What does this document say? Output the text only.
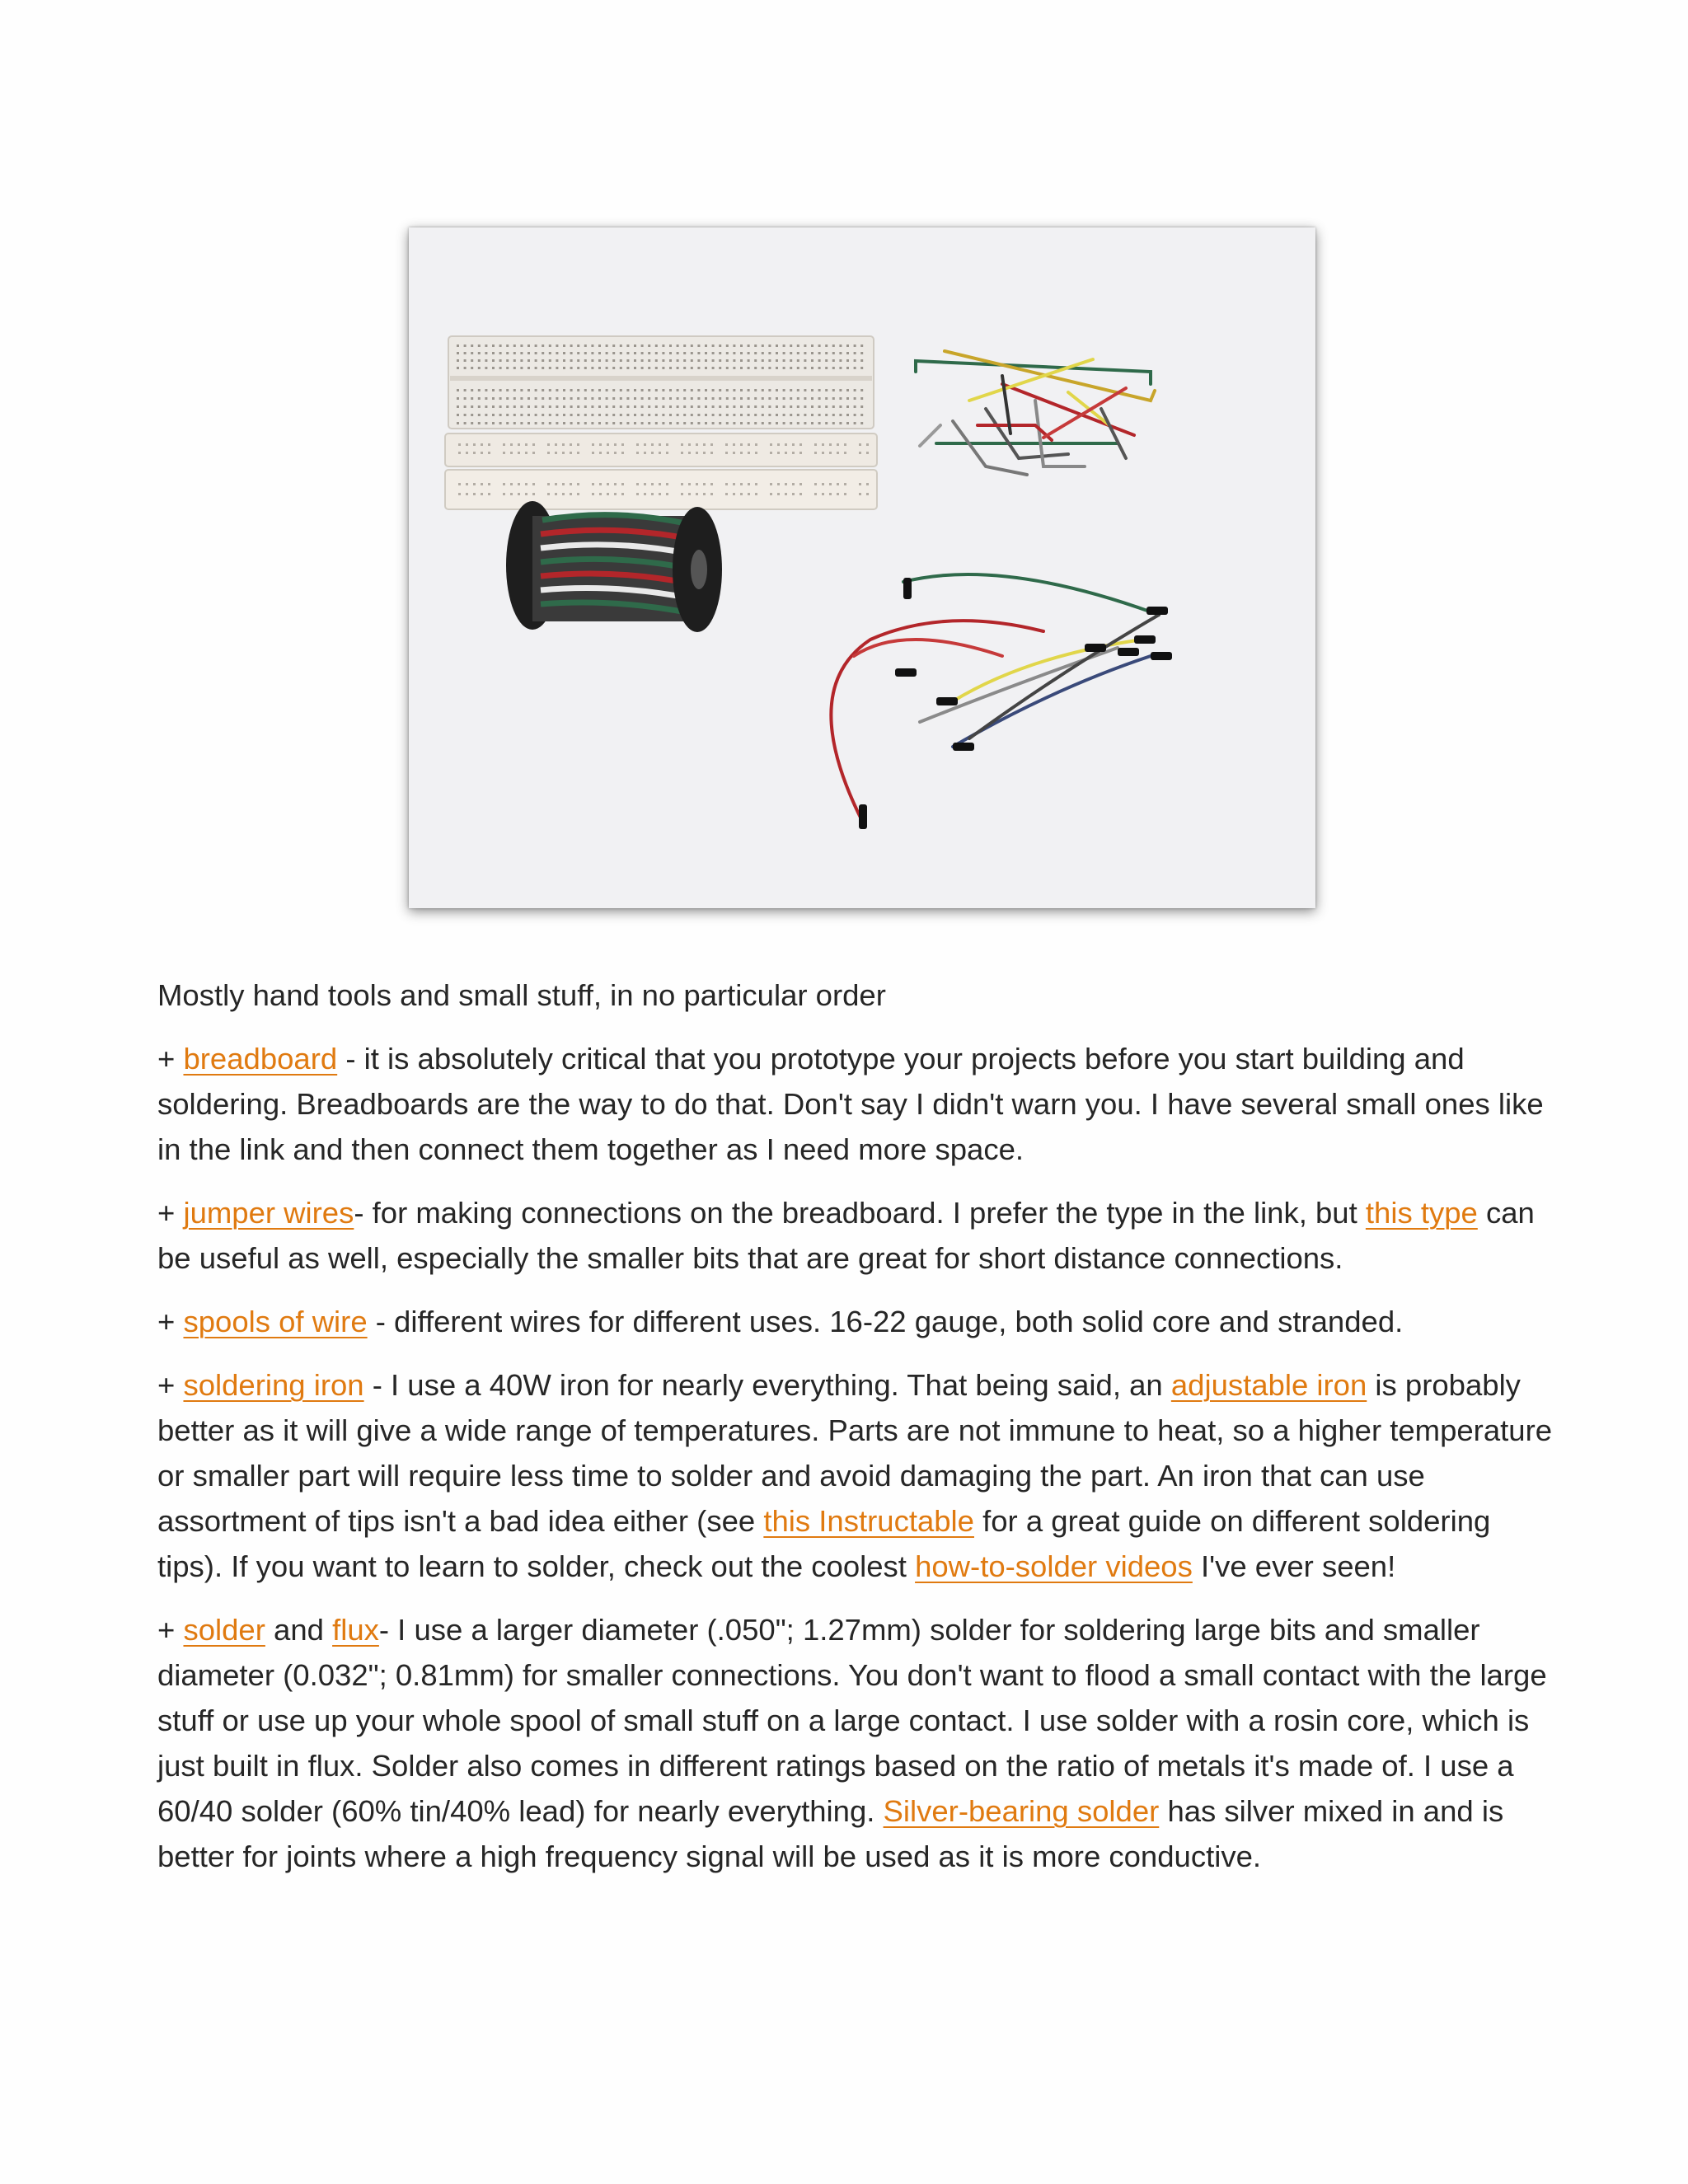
Mostly hand tools and small stuff, in no particular order

+ breadboard - it is absolutely critical that you prototype your projects before you start building and soldering. Breadboards are the way to do that. Don't say I didn't warn you. I have several small ones like in the link and then connect them together as I need more space.

+ jumper wires- for making connections on the breadboard. I prefer the type in the link, but this type can be useful as well, especially the smaller bits that are great for short distance connections.

+ spools of wire - different wires for different uses. 16-22 gauge, both solid core and stranded.

+ soldering iron - I use a 40W iron for nearly everything. That being said, an adjustable iron is probably better as it will give a wide range of temperatures. Parts are not immune to heat, so a higher temperature or smaller part will require less time to solder and avoid damaging the part. An iron that can use assortment of tips isn't a bad idea either (see this Instructable for a great guide on different soldering tips). If you want to learn to solder, check out the coolest how-to-solder videos I've ever seen!

+ solder and flux- I use a larger diameter (.050"; 1.27mm) solder for soldering large bits and smaller diameter (0.032"; 0.81mm) for smaller connections. You don't want to flood a small contact with the large stuff or use up your whole spool of small stuff on a large contact. I use solder with a rosin core, which is just built in flux. Solder also comes in different ratings based on the ratio of metals it's made of. I use a 60/40 solder (60% tin/40% lead) for nearly everything. Silver-bearing solder has silver mixed in and is better for joints where a high frequency signal will be used as it is more conductive.
